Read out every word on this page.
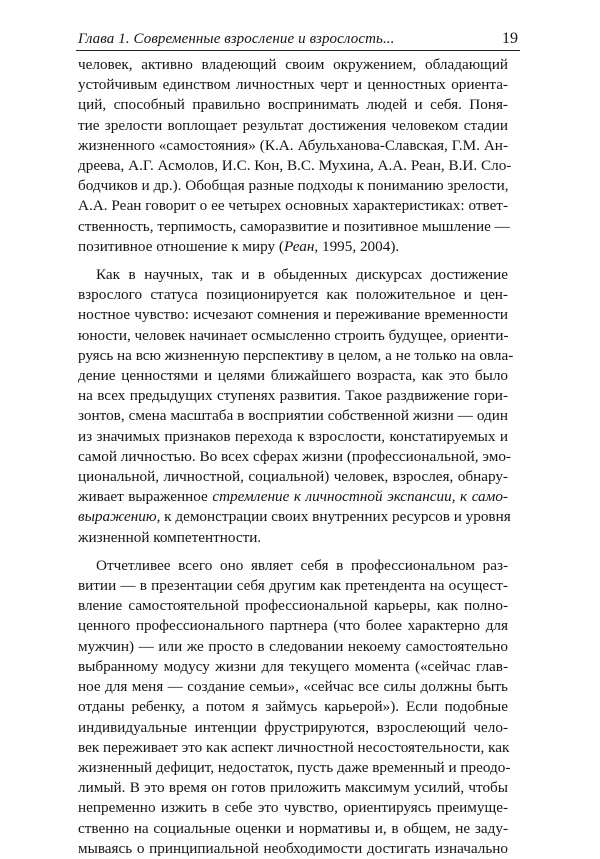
Глава 1. Современные взросление и взрослость...	19
человек, активно владеющий своим окружением, обладающий
устойчивым единством личностных черт и ценностных ориента-
ций, способный правильно воспринимать людей и себя. Поня-
тие зрелости воплощает результат достижения человеком стадии
жизненного «самостояния» (К.А. Абульханова-Славская, Г.М. Ан-
дреева, А.Г. Асмолов, И.С. Кон, В.С. Мухина, А.А. Реан, В.И. Сло-
бодчиков и др.). Обобщая разные подходы к пониманию зрелости,
А.А. Реан говорит о ее четырех основных характеристиках: ответ-
ственность, терпимость, саморазвитие и позитивное мышление —
позитивное отношение к миру (Реан, 1995, 2004).
Как в научных, так и в обыденных дискурсах достижение
взрослого статуса позиционируется как положительное и цен-
ностное чувство: исчезают сомнения и переживание временности
юности, человек начинает осмысленно строить будущее, ориенти-
руясь на всю жизненную перспективу в целом, а не только на овла-
дение ценностями и целями ближайшего возраста, как это было
на всех предыдущих ступенях развития. Такое раздвижение гори-
зонтов, смена масштаба в восприятии собственной жизни — один
из значимых признаков перехода к взрослости, констатируемых и
самой личностью. Во всех сферах жизни (профессиональной, эмо-
циональной, личностной, социальной) человек, взрослея, обнару-
живает выраженное стремление к личностной экспансии, к само-
выражению, к демонстрации своих внутренних ресурсов и уровня
жизненной компетентности.
Отчетливее всего оно являет себя в профессиональном раз-
витии — в презентации себя другим как претендента на осущест-
вление самостоятельной профессиональной карьеры, как полно-
ценного профессионального партнера (что более характерно для
мужчин) — или же просто в следовании некоему самостоятельно
выбранному модусу жизни для текущего момента («сейчас глав-
ное для меня — создание семьи», «сейчас все силы должны быть
отданы ребенку, а потом я займусь карьерой»). Если подобные
индивидуальные интенции фрустрируются, взрослеющий чело-
век переживает это как аспект личностной несостоятельности, как
жизненный дефицит, недостаток, пусть даже временный и преодо-
лимый. В это время он готов приложить максимум усилий, чтобы
непременно изжить в себе это чувство, ориентируясь преимуще-
ственно на социальные оценки и нормативы и, в общем, не заду-
мываясь о принципиальной необходимости достигать изначально
